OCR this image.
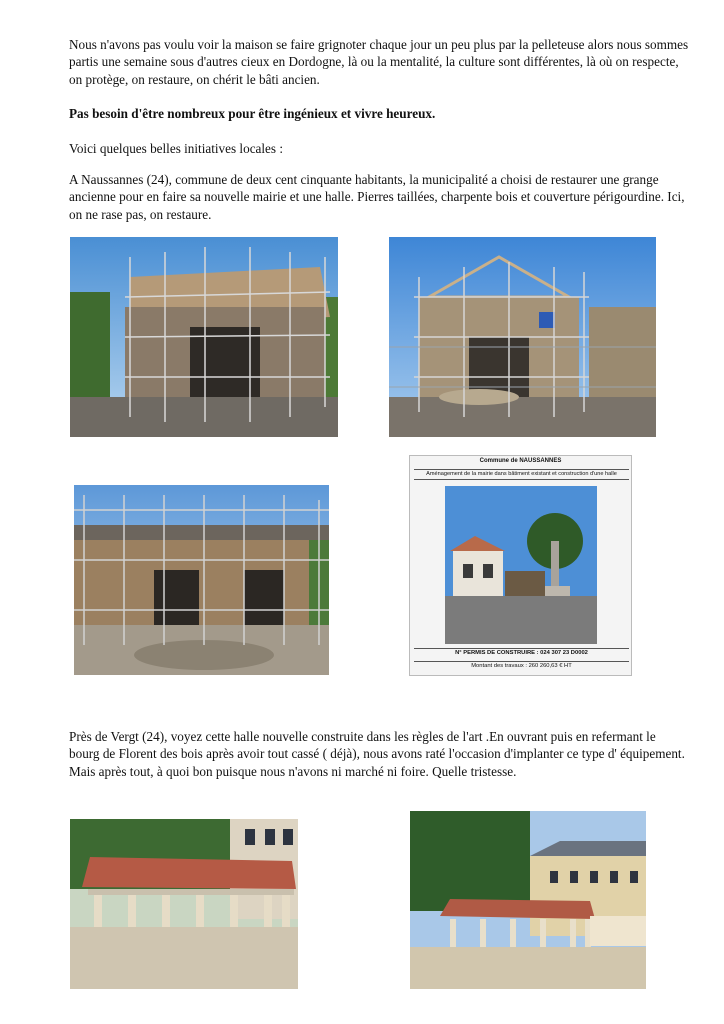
Nous n'avons pas voulu voir la maison se faire grignoter chaque jour un peu plus par la pelleteuse alors nous sommes partis une semaine sous d'autres cieux en Dordogne, là ou la mentalité, la culture sont différentes, là où on respecte, on protège, on restaure, on chérit le bâti ancien.

Pas besoin d'être nombreux pour être ingénieux et vivre heureux.

Voici quelques belles initiatives locales :

A Naussannes (24), commune de deux cent cinquante habitants, la municipalité a choisi de restaurer une grange ancienne pour en faire sa nouvelle mairie et une halle. Pierres taillées, charpente bois et couverture périgourdine. Ici, on ne rase pas, on restaure.

Commune de NAUSSANNES
Aménagement de la mairie dans bâtiment existant et construction d'une halle
N° PERMIS DE CONSTRUIRE : 024 307 23 D0002
Montant des travaux : 260 260,63 € HT

Près de Vergt (24), voyez cette halle nouvelle construite dans les règles de l'art .En ouvrant puis en refermant le bourg de Florent des bois après avoir tout cassé ( déjà), nous avons raté l'occasion d'implanter ce type d' équipement. Mais après tout, à quoi bon puisque nous n'avons ni marché ni foire. Quelle tristesse.
